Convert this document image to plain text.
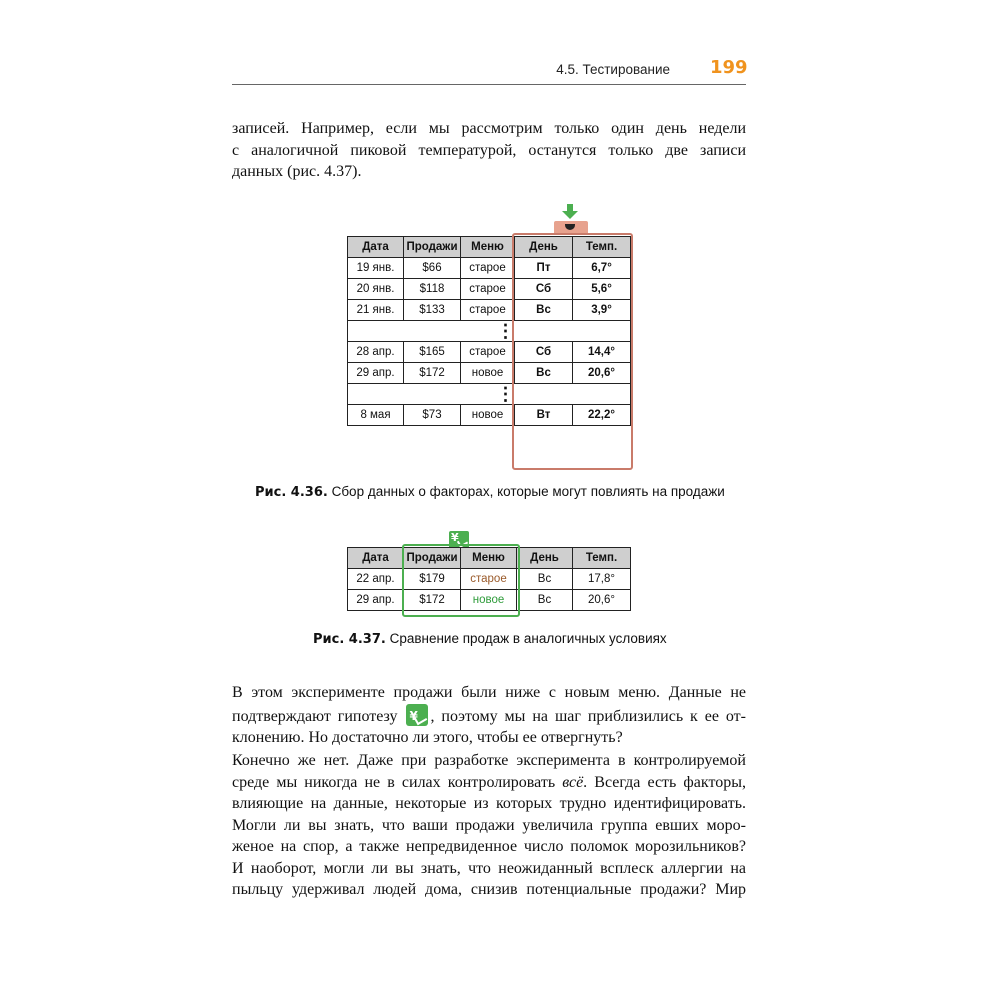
4.5. Тестирование 199

записей. Например, если мы рассмотрим только один день недели
с аналогичной пиковой температурой, останутся только две записи
данных (рис. 4.37).

Дата	Продажи	Меню	День	Темп.
19 янв.	$66	старое	Пт	6,7°
20 янв.	$118	старое	Сб	5,6°
21 янв.	$133	старое	Вс	3,9°
		⋮		
28 апр.	$165	старое	Сб	14,4°
29 апр.	$172	новое	Вс	20,6°
		⋮		
8 мая	$73	новое	Вт	22,2°
Рис. 4.36. Сбор данных о факторах, которые могут повлиять на продажи
¥
Дата	Продажи	Меню	День	Темп.
22 апр.	$179	старое	Вс	17,8°
29 апр.	$172	новое	Вс	20,6°
Рис. 4.37. Сравнение продаж в аналогичных условиях

В этом эксперименте продажи были ниже с новым меню. Данные не
подтверждают гипотезу ¥ , поэтому мы на шаг приблизились к ее от-
клонению. Но достаточно ли этого, чтобы ее отвергнуть?

Конечно же нет. Даже при разработке эксперимента в контролируемой
среде мы никогда не в силах контролировать всё. Всегда есть факторы,
влияющие на данные, некоторые из которых трудно идентифицировать.
Могли ли вы знать, что ваши продажи увеличила группа евших моро-
женое на спор, а также непредвиденное число поломок морозильников?
И наоборот, могли ли вы знать, что неожиданный всплеск аллергии на
пыльцу удерживал людей дома, снизив потенциальные продажи? Мир
